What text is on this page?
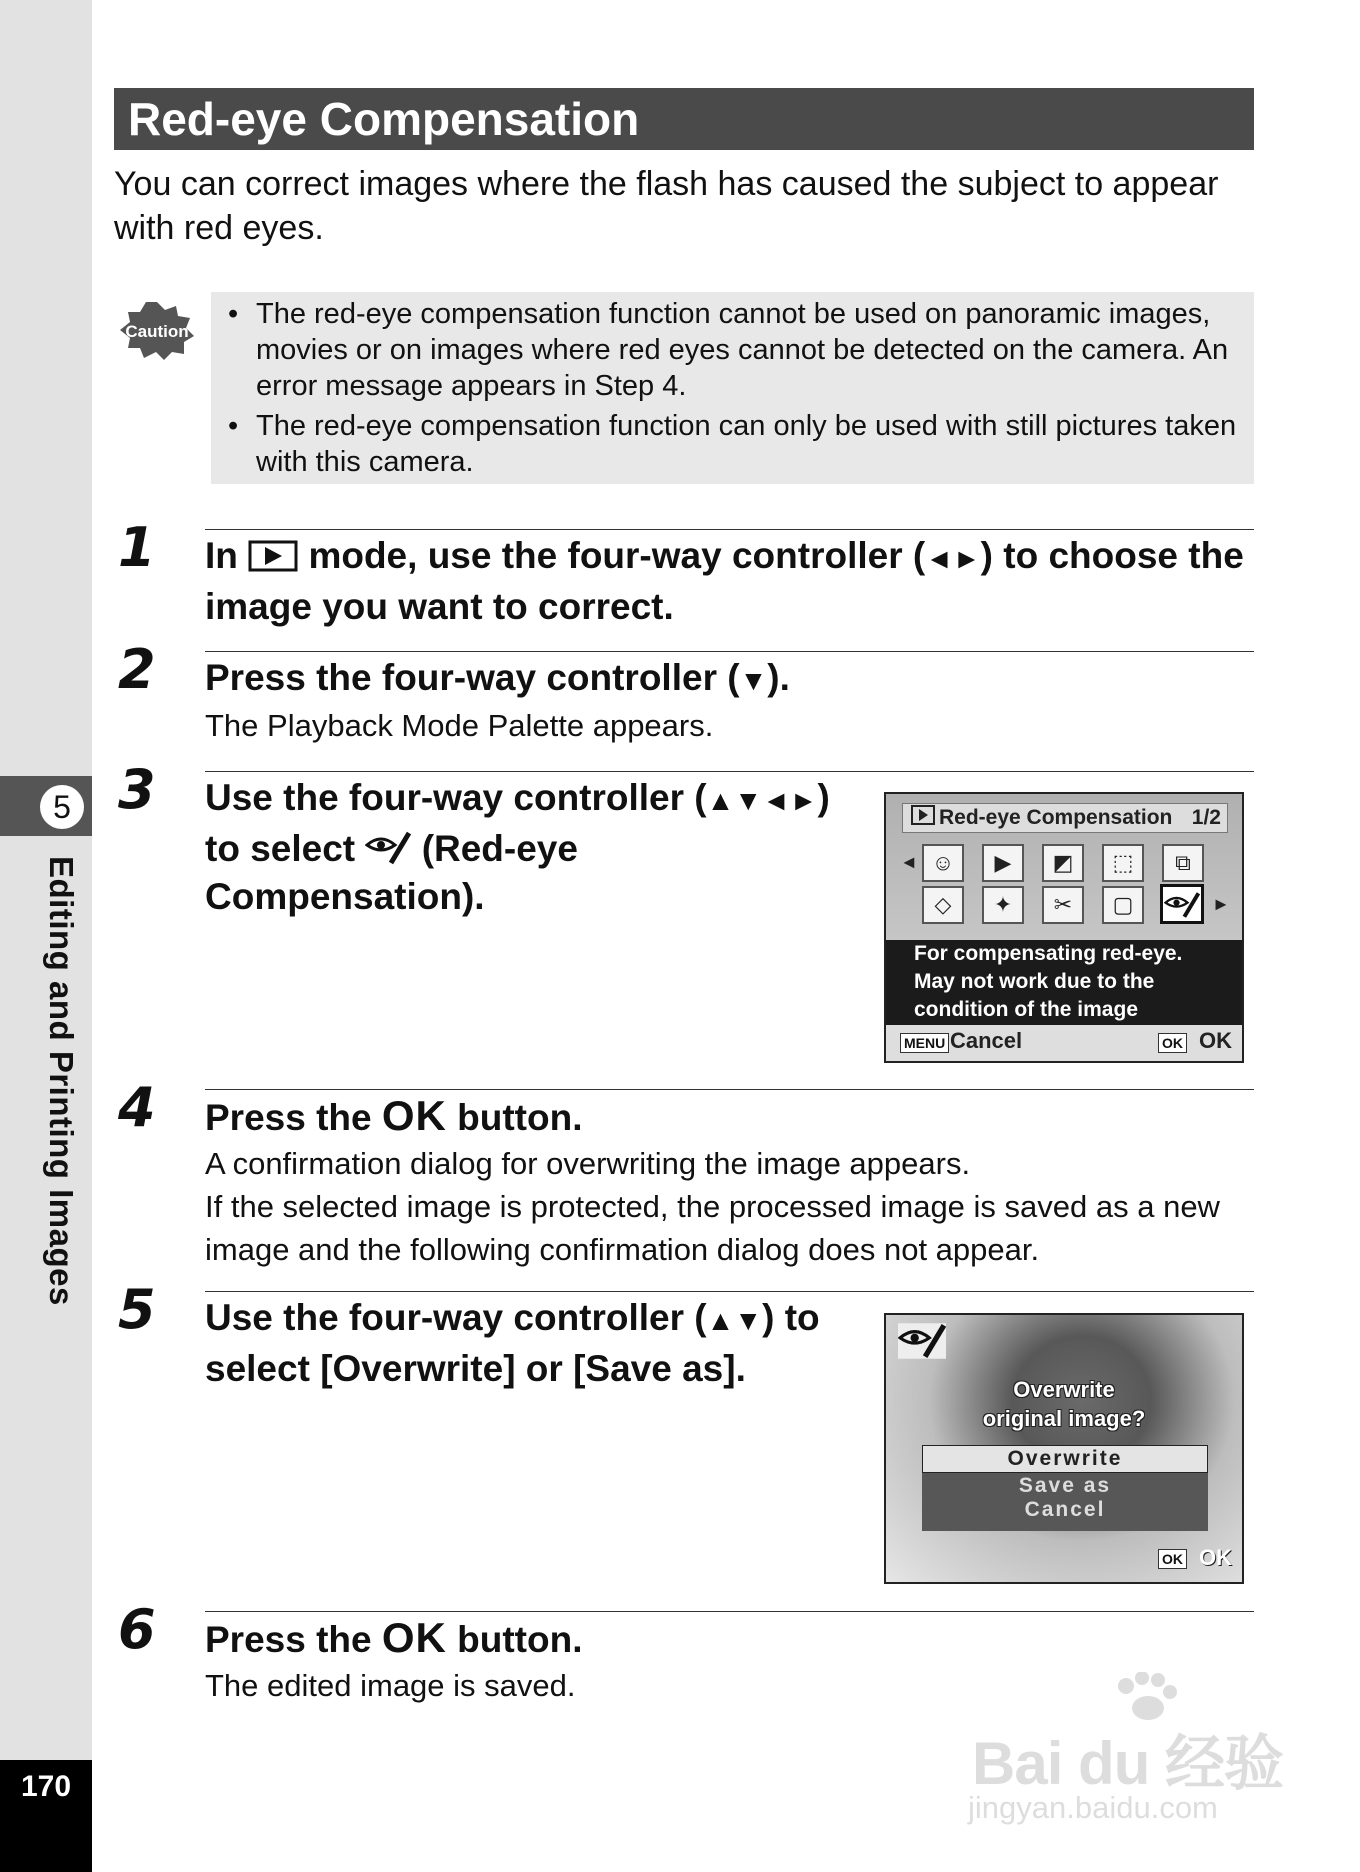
5
Editing and Printing Images
170
Red-eye Compensation
You can correct images where the flash has caused the subject to appear with red eyes.
Caution
• The red-eye compensation function cannot be used on panoramic images, movies or on images where red eyes cannot be detected on the camera. An error message appears in Step 4.
• The red-eye compensation function can only be used with still pictures taken with this camera.
1 In mode, use the four-way controller (◄►) to choose the image you want to correct.
2 Press the four-way controller (▼).
The Playback Mode Palette appears.
3 Use the four-way controller (▲▼◄►) to select (Red-eye Compensation).
Red-eye Compensation 1/2
◄
►
☺	▶	◩	⬚	⧉
◇	✦	✂	▢
For compensating red-eye.
May not work due to the
condition of the image
MENU Cancel	OK OK
4 Press the OK button.
A confirmation dialog for overwriting the image appears.
If the selected image is protected, the processed image is saved as a new image and the following confirmation dialog does not appear.
5 Use the four-way controller (▲▼) to select [Overwrite] or [Save as].
Overwrite
original image?
Overwrite
Save as
Cancel
OK OK
6 Press the OK button.
The edited image is saved.
Bai du 经验
jingyan.baidu.com
